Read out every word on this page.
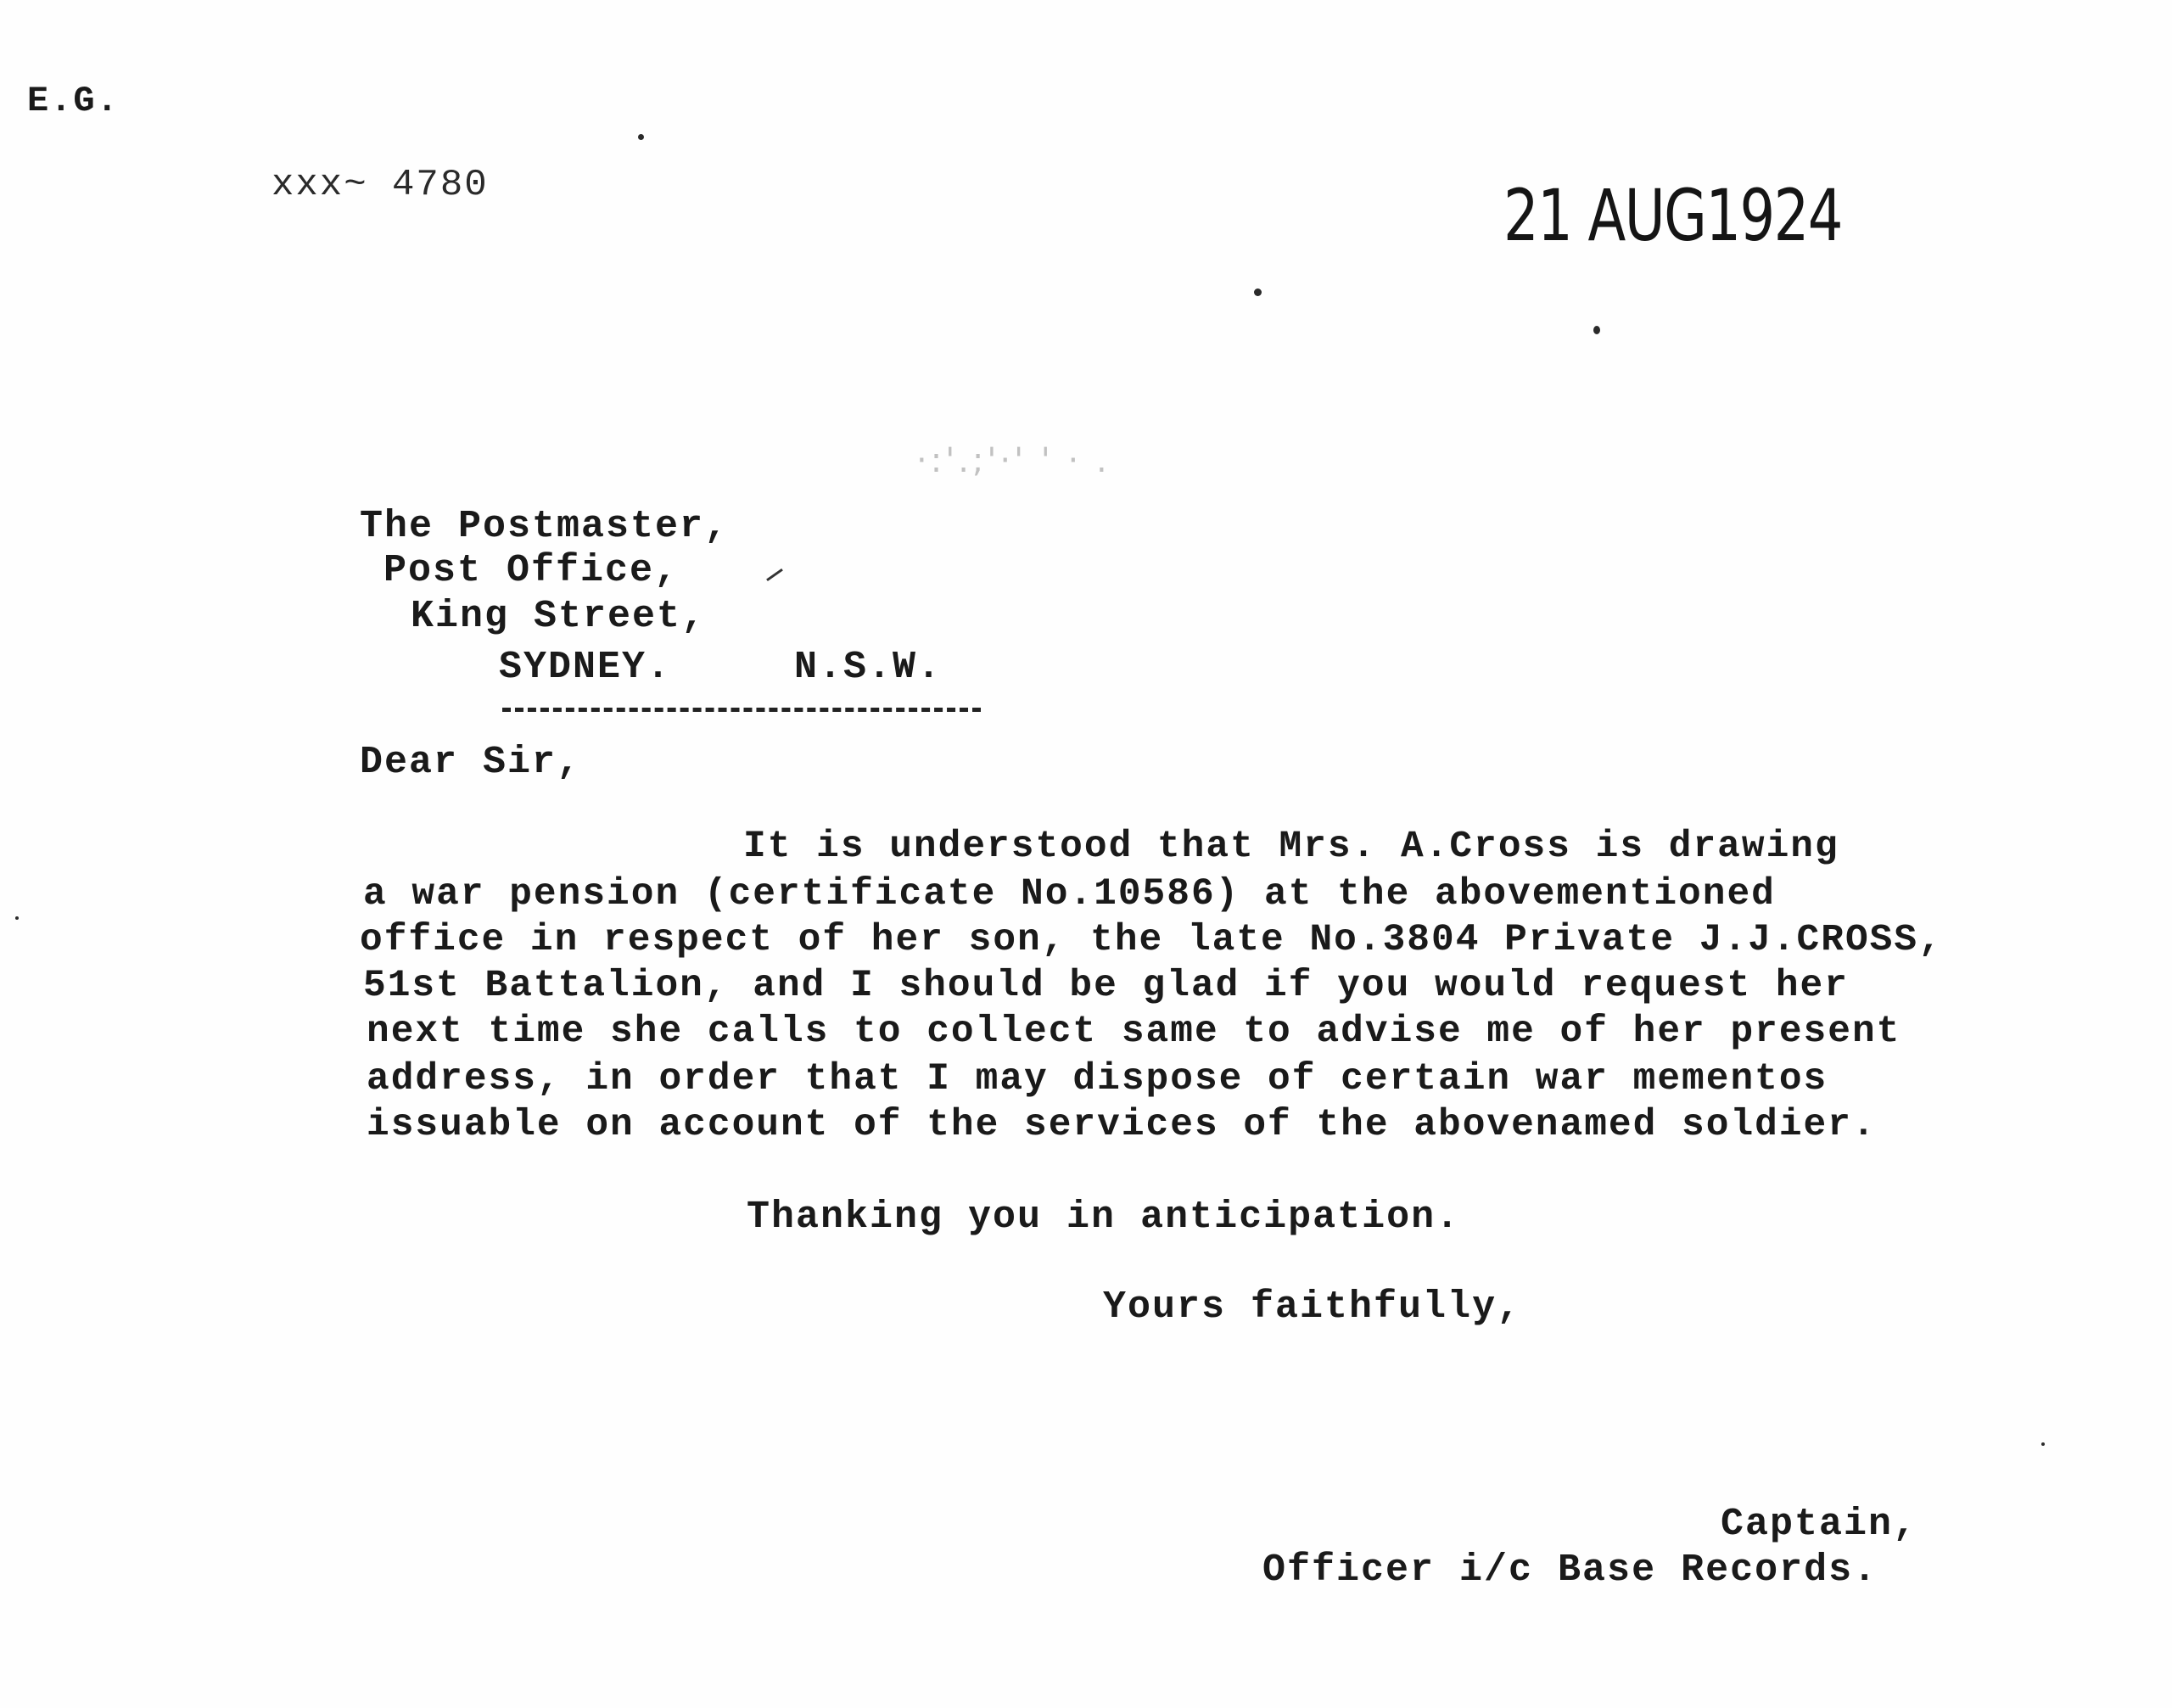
E.G.
xxx~ 4780	21 AUG1924
·:'.;'·' ' · .
The Postmaster,
Post Office,
King Street,
SYDNEY.	N.S.W.
Dear Sir,
It is understood that Mrs. A.Cross is drawing
a war pension (certificate No.10586) at the abovementioned
office in respect of her son, the late No.3804 Private J.J.CROSS,
51st Battalion, and I should be glad if you would request her
next time she calls to collect same to advise me of her present
address, in order that I may dispose of certain war mementos
issuable on account of the services of the abovenamed soldier.
Thanking you in anticipation.
Yours faithfully,
Captain,
Officer i/c Base Records.
